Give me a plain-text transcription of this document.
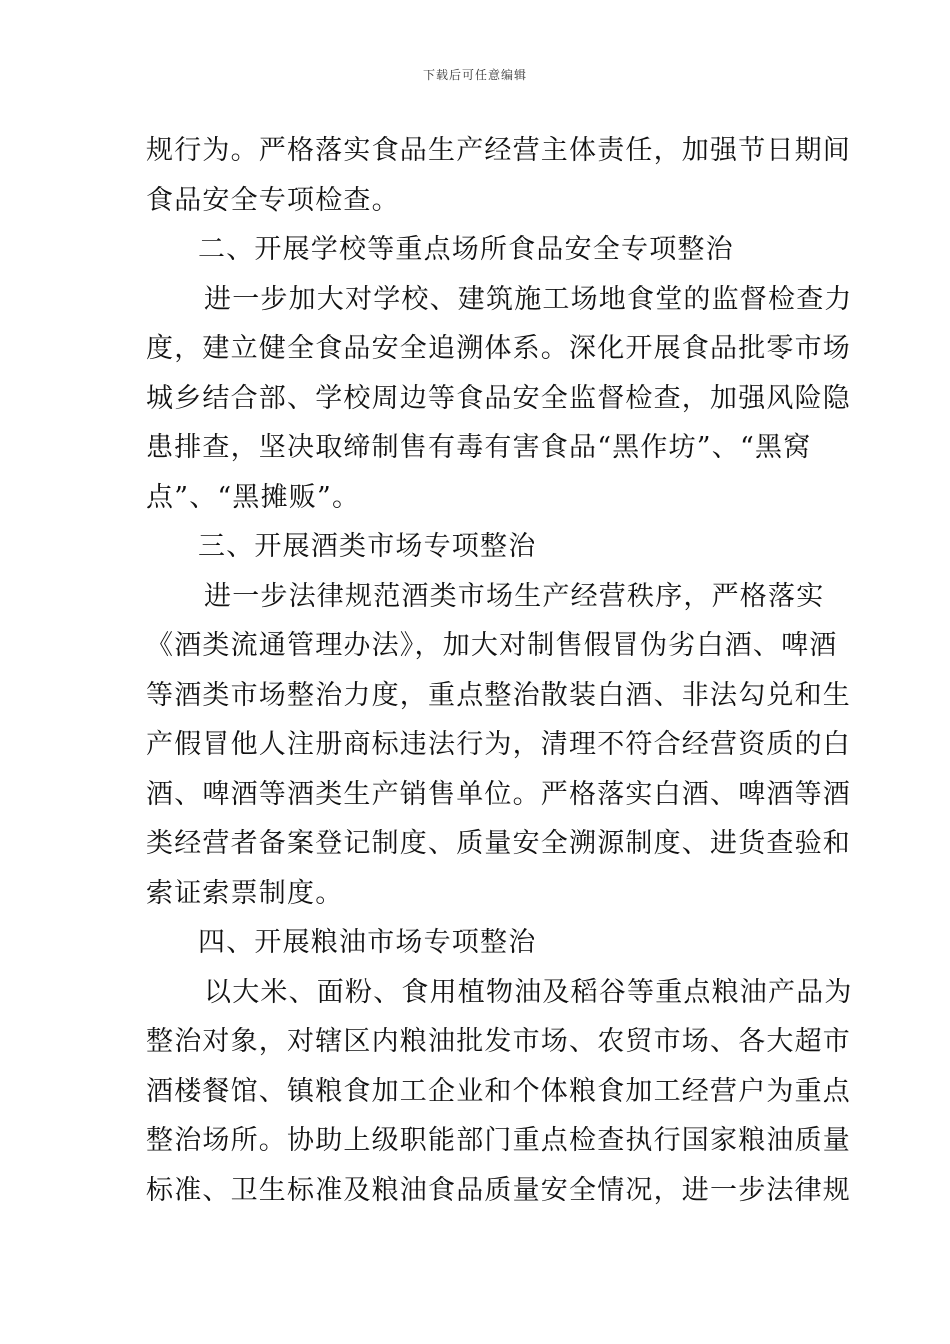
下载后可任意编辑
规行为。严格落实食品生产经营主体责任，加强节日期间
食品安全专项检查。
二、开展学校等重点场所食品安全专项整治
进一步加大对学校、建筑施工场地食堂的监督检查力
度，建立健全食品安全追溯体系。深化开展食品批零市场
城乡结合部、学校周边等食品安全监督检查，加强风险隐
患排查，坚决取缔制售有毒有害食品“黑作坊”、“黑窝
点”、“黑摊贩”。
三、开展酒类市场专项整治
进一步法律规范酒类市场生产经营秩序，严格落实
《酒类流通管理办法》，加大对制售假冒伪劣白酒、啤酒
等酒类市场整治力度，重点整治散装白酒、非法勾兑和生
产假冒他人注册商标违法行为，清理不符合经营资质的白
酒、啤酒等酒类生产销售单位。严格落实白酒、啤酒等酒
类经营者备案登记制度、质量安全溯源制度、进货查验和
索证索票制度。
四、开展粮油市场专项整治
以大米、面粉、食用植物油及稻谷等重点粮油产品为
整治对象，对辖区内粮油批发市场、农贸市场、各大超市
酒楼餐馆、镇粮食加工企业和个体粮食加工经营户为重点
整治场所。协助上级职能部门重点检查执行国家粮油质量
标准、卫生标准及粮油食品质量安全情况，进一步法律规
